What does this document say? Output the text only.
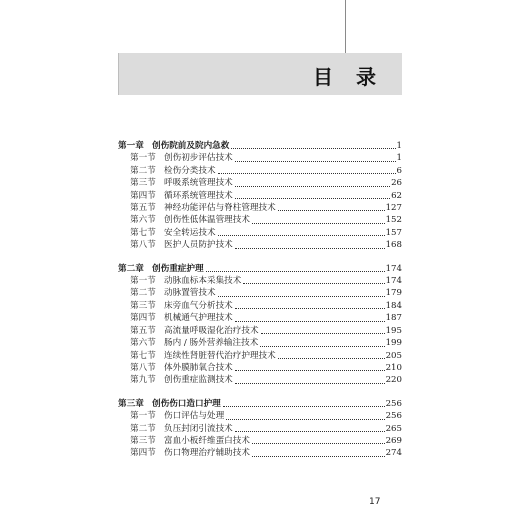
目 录
第一章 创伤院前及院内急救	1
第一节 创伤初步评估技术	1
第二节 检伤分类技术	6
第三节 呼吸系统管理技术	26
第四节 循环系统管理技术	62
第五节 神经功能评估与脊柱管理技术	127
第六节 创伤性低体温管理技术	152
第七节 安全转运技术	157
第八节 医护人员防护技术	168
第二章 创伤重症护理	174
第一节 动脉血标本采集技术	174
第二节 动脉置管技术	179
第三节 床旁血气分析技术	184
第四节 机械通气护理技术	187
第五节 高流量呼吸湿化治疗技术	195
第六节 肠内 / 肠外营养输注技术	199
第七节 连续性肾脏替代治疗护理技术	205
第八节 体外膜肺氧合技术	210
第九节 创伤重症监测技术	220
第三章 创伤伤口造口护理	256
第一节 伤口评估与处理	256
第二节 负压封闭引流技术	265
第三节 富血小板纤维蛋白技术	269
第四节 伤口物理治疗辅助技术	274
17
